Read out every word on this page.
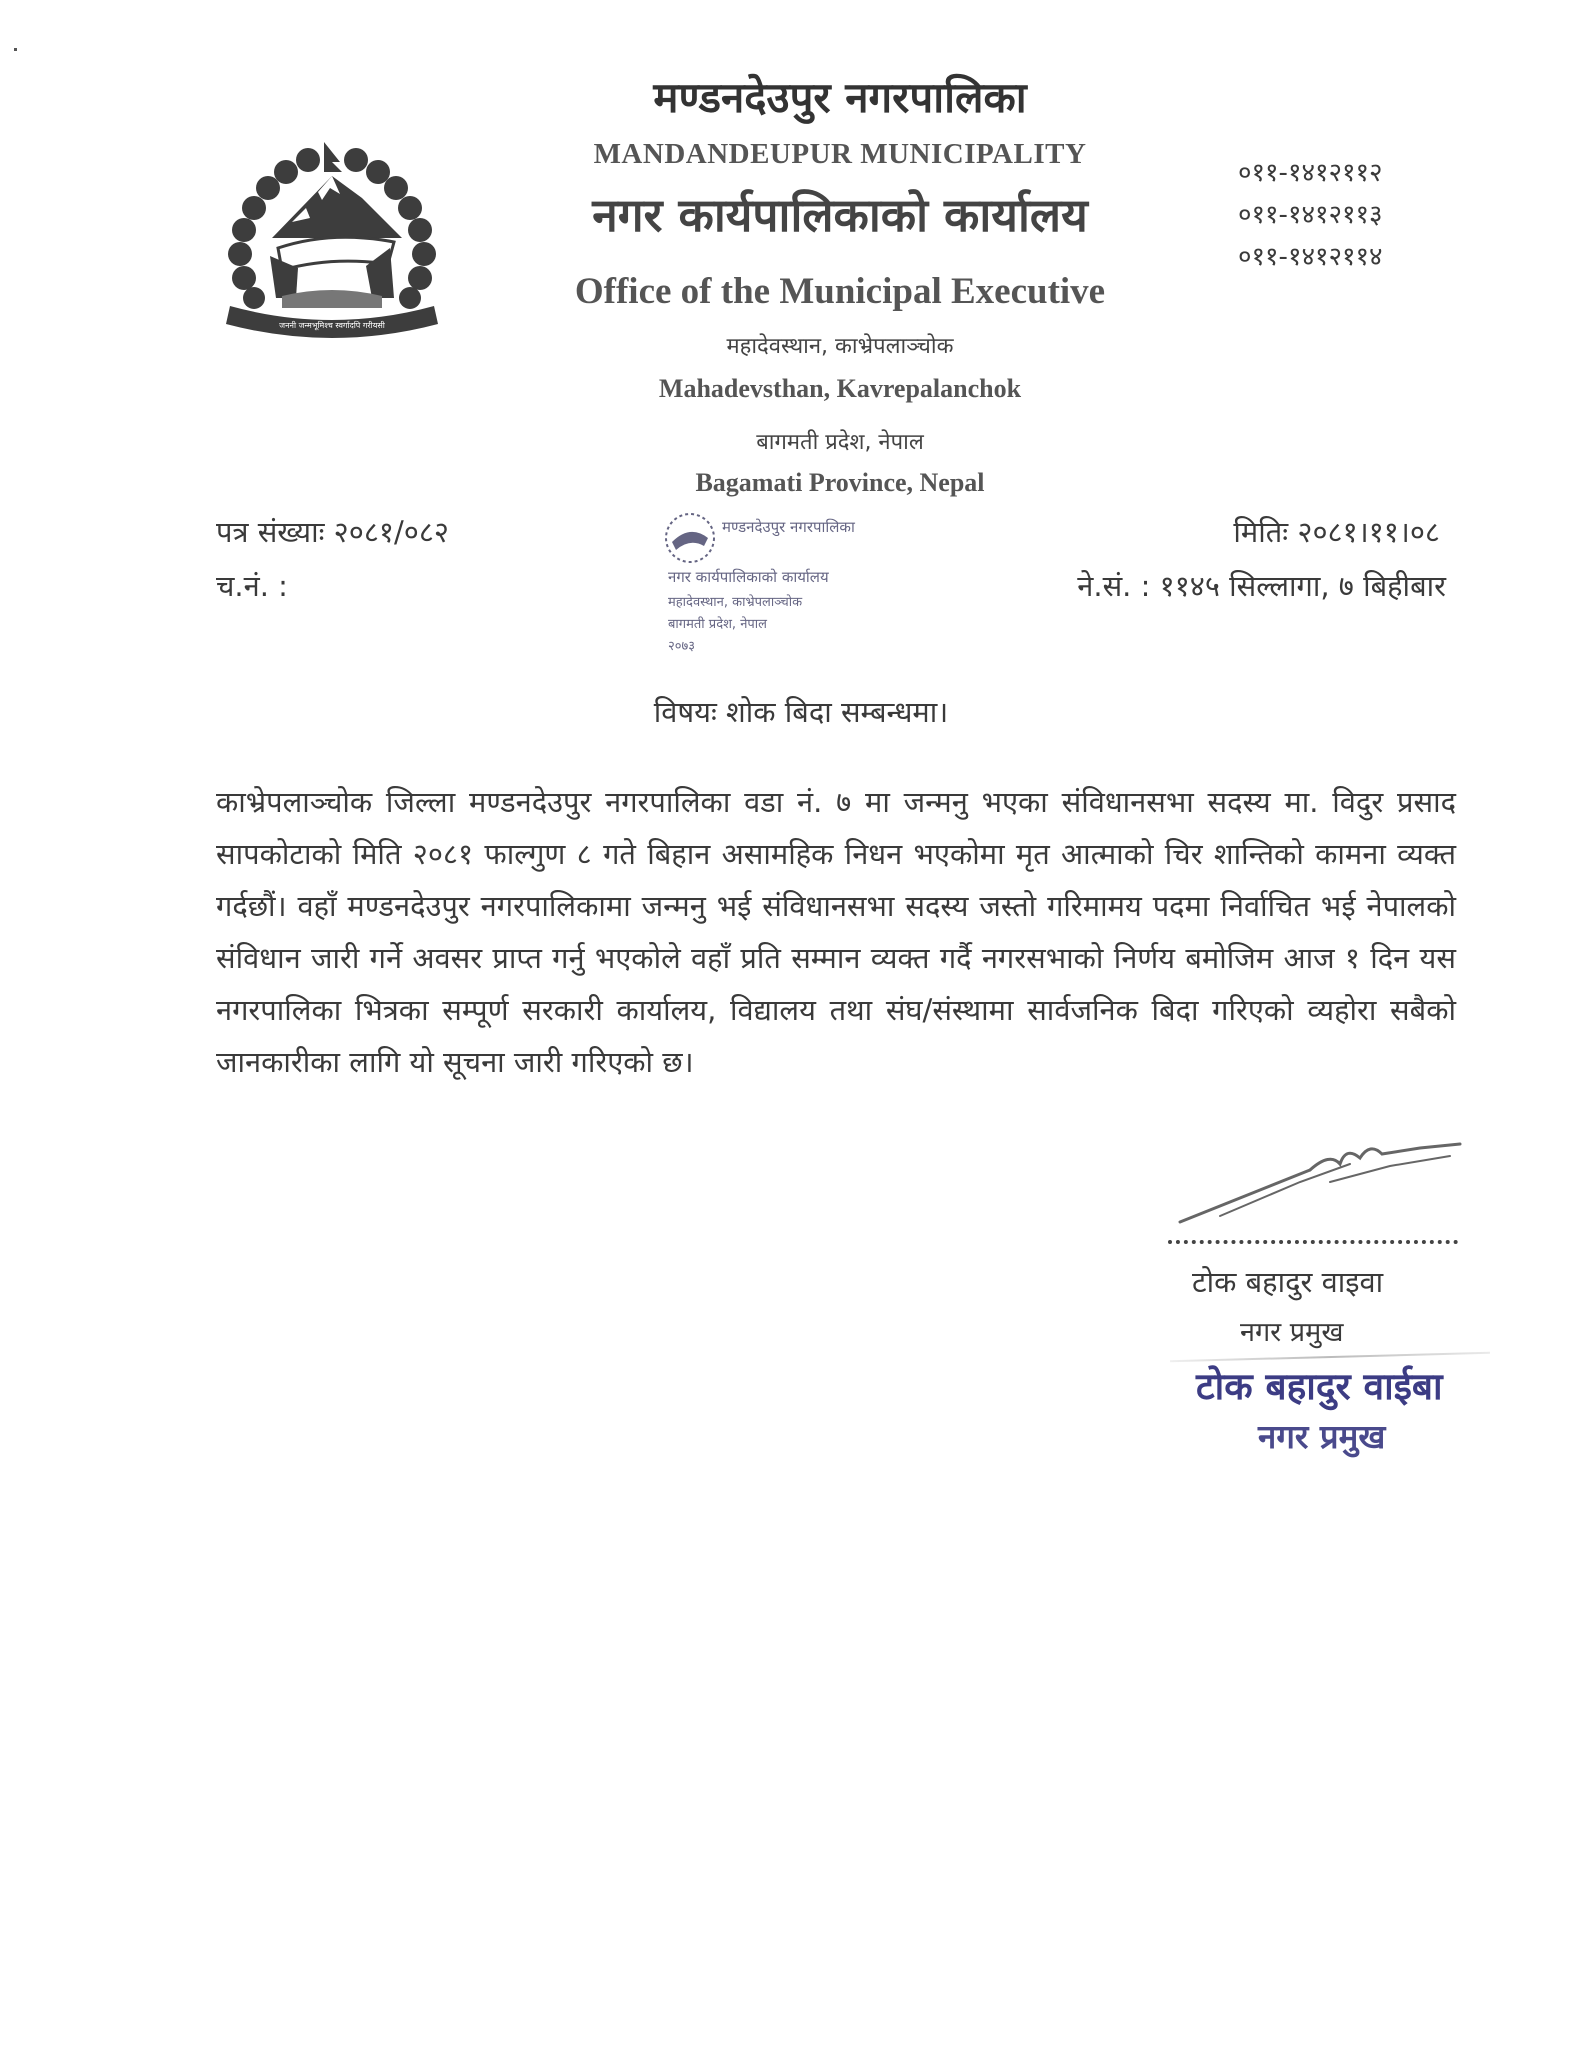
जननी जन्मभूमिश्च स्वर्गादपि गरीयसी
मण्डनदेउपुर नगरपालिका
MANDANDEUPUR MUNICIPALITY
नगर कार्यपालिकाको कार्यालय
Office of the Municipal Executive
महादेवस्थान, काभ्रेपलाञ्चोक
Mahadevsthan, Kavrepalanchok
बागमती प्रदेश, नेपाल
Bagamati Province, Nepal
०११-१४१२११२
०११-१४१२११३
०११-१४१२११४
मण्डनदेउपुर नगरपालिका
नगर कार्यपालिकाको कार्यालय
महादेवस्थान, काभ्रेपलाञ्चोक
बागमती प्रदेश, नेपाल
२०७३
पत्र संख्याः २०८१/०८२
च.नं. :
मितिः २०८१।११।०८
ने.सं. : ११४५ सिल्लागा, ७ बिहीबार
विषयः शोक बिदा सम्बन्धमा।
काभ्रेपलाञ्चोक जिल्ला मण्डनदेउपुर नगरपालिका वडा नं. ७ मा जन्मनु भएका संविधानसभा सदस्य मा. विदुर प्रसाद सापकोटाको मिति २०८१ फाल्गुण ८ गते बिहान असामहिक निधन भएकोमा मृत आत्माको चिर शान्तिको कामना व्यक्त गर्दछौं। वहाँ मण्डनदेउपुर नगरपालिकामा जन्मनु भई संविधानसभा सदस्य जस्तो गरिमामय पदमा निर्वाचित भई नेपालको संविधान जारी गर्ने अवसर प्राप्त गर्नु भएकोले वहाँ प्रति सम्मान व्यक्त गर्दै नगरसभाको निर्णय बमोजिम आज १ दिन यस नगरपालिका भित्रका सम्पूर्ण सरकारी कार्यालय, विद्यालय तथा संघ/संस्थामा सार्वजनिक बिदा गरिएको व्यहोरा सबैको जानकारीका लागि यो सूचना जारी गरिएको छ।
टोक बहादुर वाइवा
नगर प्रमुख
टोक बहादुर वाईबा
नगर प्रमुख
